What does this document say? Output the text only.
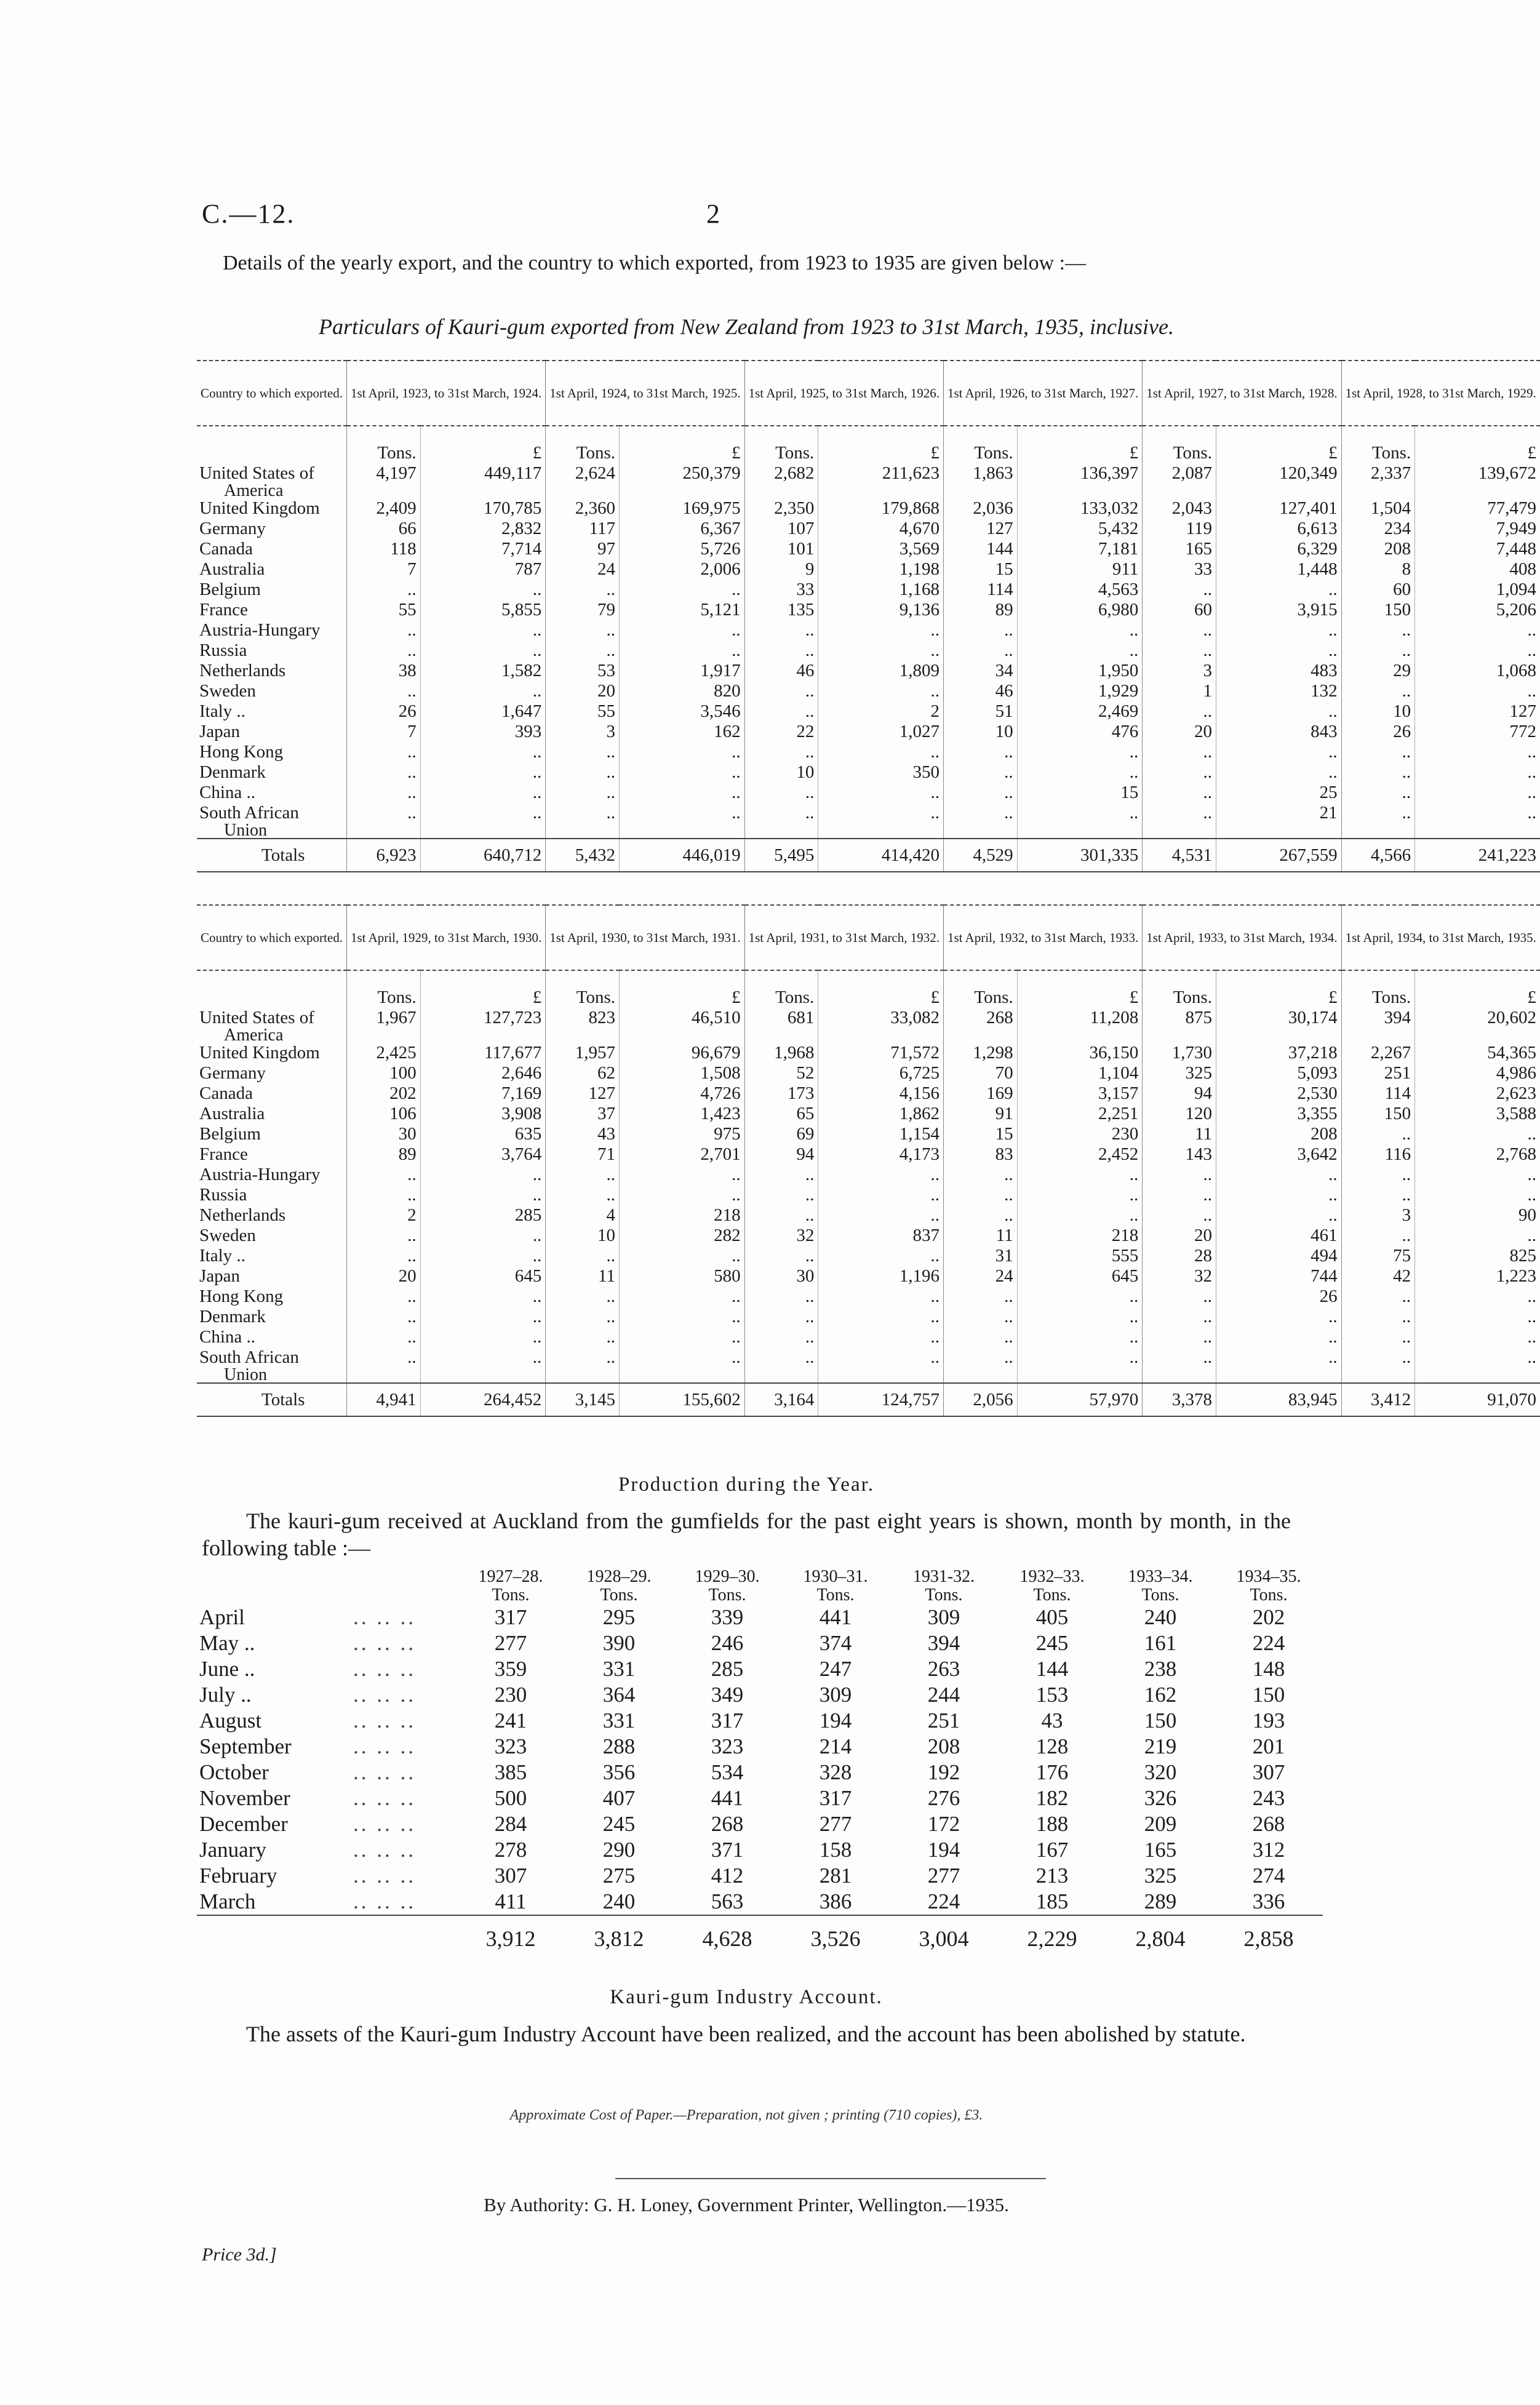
C.—12.	2
Details of the yearly export, and the country to which exported, from 1923 to 1935 are given below :—
Particulars of Kauri-gum exported from New Zealand from 1923 to 31st March, 1935, inclusive.
Country to which exported.	1st April, 1923, to 31st March, 1924.		1st April, 1924, to 31st March, 1925.		1st April, 1925, to 31st March, 1926.		1st April, 1926, to 31st March, 1927.		1st April, 1927, to 31st March, 1928.		1st April, 1928, to 31st March, 1929.	
	Tons.	£	Tons.	£	Tons.	£	Tons.	£	Tons.	£	Tons.	£
United States of	4,197	449,117	2,624	250,379	2,682	211,623	1,863	136,397	2,087	120,349	2,337	139,672
America												
United Kingdom	2,409	170,785	2,360	169,975	2,350	179,868	2,036	133,032	2,043	127,401	1,504	77,479
Germany	66	2,832	117	6,367	107	4,670	127	5,432	119	6,613	234	7,949
Canada	118	7,714	97	5,726	101	3,569	144	7,181	165	6,329	208	7,448
Australia	7	787	24	2,006	9	1,198	15	911	33	1,448	8	408
Belgium	..	..	..	..	33	1,168	114	4,563	..	..	60	1,094
France	55	5,855	79	5,121	135	9,136	89	6,980	60	3,915	150	5,206
Austria-Hungary	..	..	..	..	..	..	..	..	..	..	..	..
Russia	..	..	..	..	..	..	..	..	..	..	..	..
Netherlands	38	1,582	53	1,917	46	1,809	34	1,950	3	483	29	1,068
Sweden	..	..	20	820	..	..	46	1,929	1	132	..	..
Italy ..	26	1,647	55	3,546	..	2	51	2,469	..	..	10	127
Japan	7	393	3	162	22	1,027	10	476	20	843	26	772
Hong Kong	..	..	..	..	..	..	..	..	..	..	..	..
Denmark	..	..	..	..	10	350	..	..	..	..	..	..
China ..	..	..	..	..	..	..	..	15	..	25	..	..
South African	..	..	..	..	..	..	..	..	..	21	..	..
Union												
Totals	6,923	640,712	5,432	446,019	5,495	414,420	4,529	301,335	4,531	267,559	4,566	241,223
Country to which exported.	1st April, 1929, to 31st March, 1930.		1st April, 1930, to 31st March, 1931.		1st April, 1931, to 31st March, 1932.		1st April, 1932, to 31st March, 1933.		1st April, 1933, to 31st March, 1934.		1st April, 1934, to 31st March, 1935.	
	Tons.	£	Tons.	£	Tons.	£	Tons.	£	Tons.	£	Tons.	£
United States of	1,967	127,723	823	46,510	681	33,082	268	11,208	875	30,174	394	20,602
America												
United Kingdom	2,425	117,677	1,957	96,679	1,968	71,572	1,298	36,150	1,730	37,218	2,267	54,365
Germany	100	2,646	62	1,508	52	6,725	70	1,104	325	5,093	251	4,986
Canada	202	7,169	127	4,726	173	4,156	169	3,157	94	2,530	114	2,623
Australia	106	3,908	37	1,423	65	1,862	91	2,251	120	3,355	150	3,588
Belgium	30	635	43	975	69	1,154	15	230	11	208	..	..
France	89	3,764	71	2,701	94	4,173	83	2,452	143	3,642	116	2,768
Austria-Hungary	..	..	..	..	..	..	..	..	..	..	..	..
Russia	..	..	..	..	..	..	..	..	..	..	..	..
Netherlands	2	285	4	218	..	..	..	..	..	..	3	90
Sweden	..	..	10	282	32	837	11	218	20	461	..	..
Italy ..	..	..	..	..	..	..	31	555	28	494	75	825
Japan	20	645	11	580	30	1,196	24	645	32	744	42	1,223
Hong Kong	..	..	..	..	..	..	..	..	..	26	..	..
Denmark	..	..	..	..	..	..	..	..	..	..	..	..
China ..	..	..	..	..	..	..	..	..	..	..	..	..
South African	..	..	..	..	..	..	..	..	..	..	..	..
Union												
Totals	4,941	264,452	3,145	155,602	3,164	124,757	2,056	57,970	3,378	83,945	3,412	91,070
Production during the Year.
The kauri-gum received at Auckland from the gumfields for the past eight years is shown, month by month, in the following table :—
		1927–28.	1928–29.	1929–30.	1930–31.	1931-32.	1932–33.	1933–34.	1934–35.
		Tons.	Tons.	Tons.	Tons.	Tons.	Tons.	Tons.	Tons.
April	.. .. ..	317	295	339	441	309	405	240	202
May ..	.. .. ..	277	390	246	374	394	245	161	224
June ..	.. .. ..	359	331	285	247	263	144	238	148
July ..	.. .. ..	230	364	349	309	244	153	162	150
August	.. .. ..	241	331	317	194	251	43	150	193
September	.. .. ..	323	288	323	214	208	128	219	201
October	.. .. ..	385	356	534	328	192	176	320	307
November	.. .. ..	500	407	441	317	276	182	326	243
December	.. .. ..	284	245	268	277	172	188	209	268
January	.. .. ..	278	290	371	158	194	167	165	312
February	.. .. ..	307	275	412	281	277	213	325	274
March	.. .. ..	411	240	563	386	224	185	289	336
		3,912	3,812	4,628	3,526	3,004	2,229	2,804	2,858
Kauri-gum Industry Account.
The assets of the Kauri-gum Industry Account have been realized, and the account has been abolished by statute.
Approximate Cost of Paper.—Preparation, not given ; printing (710 copies), £3.
By Authority: G. H. Loney, Government Printer, Wellington.—1935.
Price 3d.]
